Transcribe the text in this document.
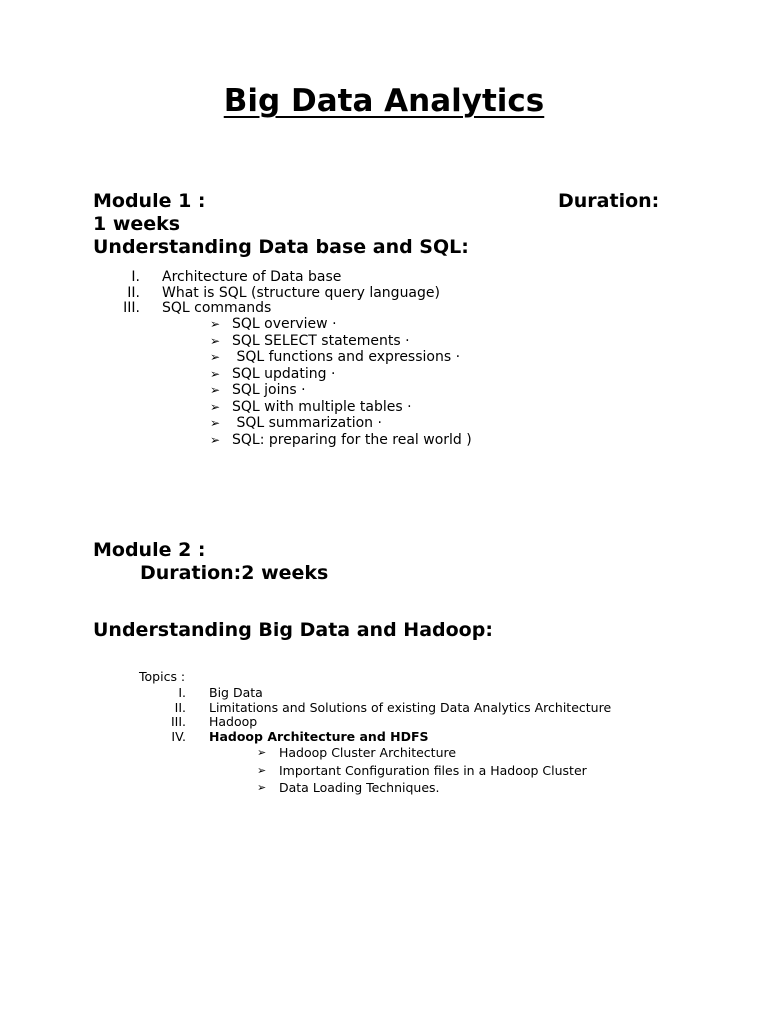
Big Data Analytics
Module 1 :	Duration:
1 weeks
Understanding Data base and SQL:
I. Architecture of Data base
II. What is SQL (structure query language)
III. SQL commands
➢ SQL overview ·
➢ SQL SELECT statements ·
➢ SQL functions and expressions ·
➢ SQL updating ·
➢ SQL joins ·
➢ SQL with multiple tables ·
➢ SQL summarization ·
➢ SQL: preparing for the real world )
Module 2 :
Duration:2 weeks
Understanding Big Data and Hadoop:
Topics :
I. Big Data
II. Limitations and Solutions of existing Data Analytics Architecture
III. Hadoop
IV. Hadoop Architecture and HDFS
➢ Hadoop Cluster Architecture
➢ Important Configuration files in a Hadoop Cluster
➢ Data Loading Techniques.
